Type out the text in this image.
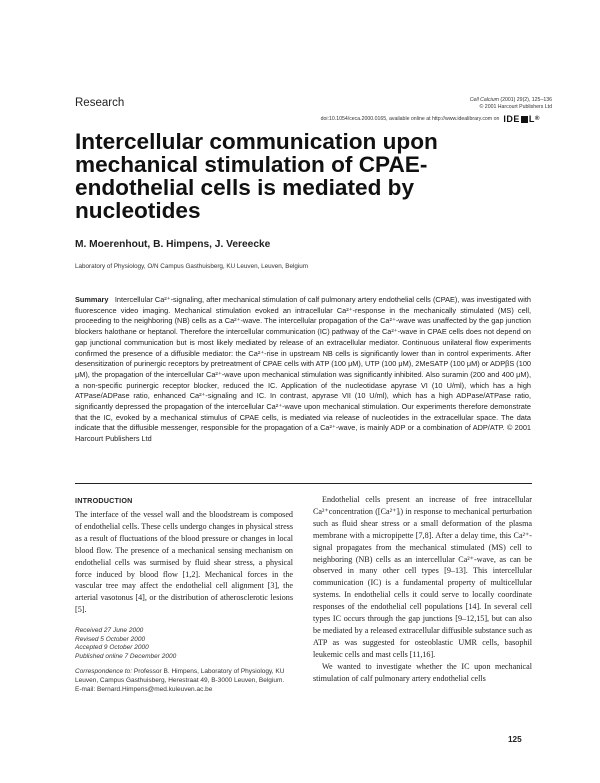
Research	Cell Calcium (2001) 29(2), 125–136
© 2001 Harcourt Publishers Ltd
doi:10.1054/ceca.2000.0165, available online at http://www.idealibrary.com on IDE L ®
Intercellular communication upon mechanical stimulation of CPAE-endothelial cells is mediated by nucleotides
M. Moerenhout, B. Himpens, J. Vereecke
Laboratory of Physiology, O/N Campus Gasthuisberg, KU Leuven, Leuven, Belgium

Summary Intercellular Ca²⁺-signaling, after mechanical stimulation of calf pulmonary artery endothelial cells (CPAE), was investigated with fluorescence video imaging. Mechanical stimulation evoked an intracellular Ca²⁺-response in the mechanically stimulated (MS) cell, proceeding to the neighboring (NB) cells as a Ca²⁺-wave. The intercellular propagation of the Ca²⁺-wave was unaffected by the gap junction blockers halothane or heptanol. Therefore the intercellular communication (IC) pathway of the Ca²⁺-wave in CPAE cells does not depend on gap junctional communication but is most likely mediated by release of an extracellular mediator. Continuous unilateral flow experiments confirmed the presence of a diffusible mediator: the Ca²⁺-rise in upstream NB cells is significantly lower than in control experiments. After desensitization of purinergic receptors by pretreatment of CPAE cells with ATP (100 μM), UTP (100 μM), 2MeSATP (100 μM) or ADPβS (100 μM), the propagation of the intercellular Ca²⁺-wave upon mechanical stimulation was significantly inhibited. Also suramin (200 and 400 μM), a non-specific purinergic receptor blocker, reduced the IC. Application of the nucleotidase apyrase VI (10 U/ml), which has a high ATPase/ADPase ratio, enhanced Ca²⁺-signaling and IC. In contrast, apyrase VII (10 U/ml), which has a high ADPase/ATPase ratio, significantly depressed the propagation of the intercellular Ca²⁺-wave upon mechanical stimulation. Our experiments therefore demonstrate that the IC, evoked by a mechanical stimulus of CPAE cells, is mediated via release of nucleotides in the extracellular space. The data indicate that the diffusible messenger, responsible for the propagation of a Ca²⁺-wave, is mainly ADP or a combination of ADP/ATP. © 2001 Harcourt Publishers Ltd

INTRODUCTION

The interface of the vessel wall and the bloodstream is composed of endothelial cells. These cells undergo changes in physical stress as a result of fluctuations of the blood pressure or changes in local blood flow. The presence of a mechanical sensing mechanism on endothelial cells was surmised by fluid shear stress, a physical force induced by blood flow [1,2]. Mechanical forces in the vascular tree may affect the endothelial cell alignment [3], the arterial vasotonus [4], or the distribution of atherosclerotic lesions [5].

Received 27 June 2000
Revised 5 October 2000
Accepted 9 October 2000
Published online 7 December 2000
Correspondence to: Professor B. Himpens, Laboratory of Physiology, KU Leuven, Campus Gasthuisberg, Herestraat 49, B-3000 Leuven, Belgium.
E-mail: Bernard.Himpens@med.kuleuven.ac.be

Endothelial cells present an increase of free intracellular Ca²⁺concentration ([Ca²⁺]ᵢ) in response to mechanical perturbation such as fluid shear stress or a small deformation of the plasma membrane with a micropipette [7,8]. After a delay time, this Ca²⁺-signal propagates from the mechanical stimulated (MS) cell to neighboring (NB) cells as an intercellular Ca²⁺-wave, as can be observed in many other cell types [9–13]. This intercellular communication (IC) is a fundamental property of multicellular systems. In endothelial cells it could serve to locally coordinate responses of the endothelial cell populations [14]. In several cell types IC occurs through the gap junctions [9–12,15], but can also be mediated by a released extracellular diffusible substance such as ATP as was suggested for osteoblastic UMR cells, basophil leukemic cells and mast cells [11,16].

We wanted to investigate whether the IC upon mechanical stimulation of calf pulmonary artery endothelial cells

125
